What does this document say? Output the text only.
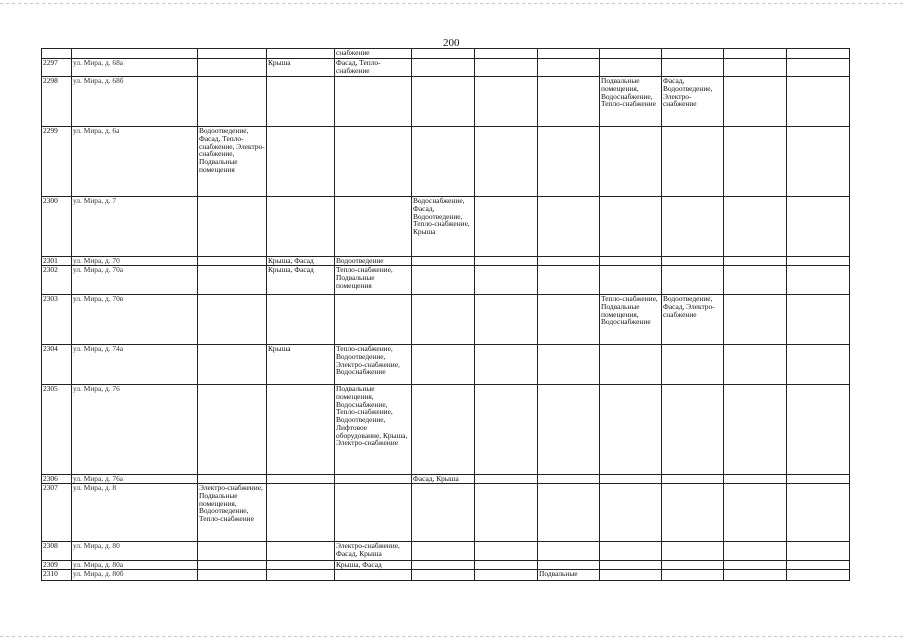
200
				снабжение							
2297	ул. Мира, д. 68а		Крыша	Фасад, Тепло-снабжение							
2298	ул. Мира, д. 68б							Подвальные помещения, Водоснабжение, Тепло-снабжение	Фасад, Водоотведение, Электро-снабжение		
2299	ул. Мира, д. 6а	Водоотведение, Фасад, Тепло-снабжение, Электро-снабжение, Подвальные помещения									
2300	ул. Мира, д. 7				Водоснабжение, Фасад, Водоотведение, Тепло-снабжение, Крыша						
2301	ул. Мира, д. 70		Крыша, Фасад	Водоотведение							
2302	ул. Мира, д. 70а		Крыша, Фасад	Тепло-снабжение, Подвальные помещения							
2303	ул. Мира, д. 70в							Тепло-снабжение, Подвальные помещения, Водоснабжение	Водоотведение, Фасад, Электро-снабжение		
2304	ул. Мира, д. 74а		Крыша	Тепло-снабжение, Водоотведение, Электро-снабжение, Водоснабжение							
2305	ул. Мира, д. 76			Подвальные помещения, Водоснабжение, Тепло-снабжение, Водоотведение, Лифтовое оборудование, Крыша, Электро-снабжение							
2306	ул. Мира, д. 76а				Фасад, Крыша						
2307	ул. Мира, д. 8	Электро-снабжение, Подвальные помещения, Водоотведение, Тепло-снабжение									
2308	ул. Мира, д. 80			Электро-снабжение, Фасад, Крыша							
2309	ул. Мира, д. 80а			Крыша, Фасад							
2310	ул. Мира, д. 80б						Подвальные				
